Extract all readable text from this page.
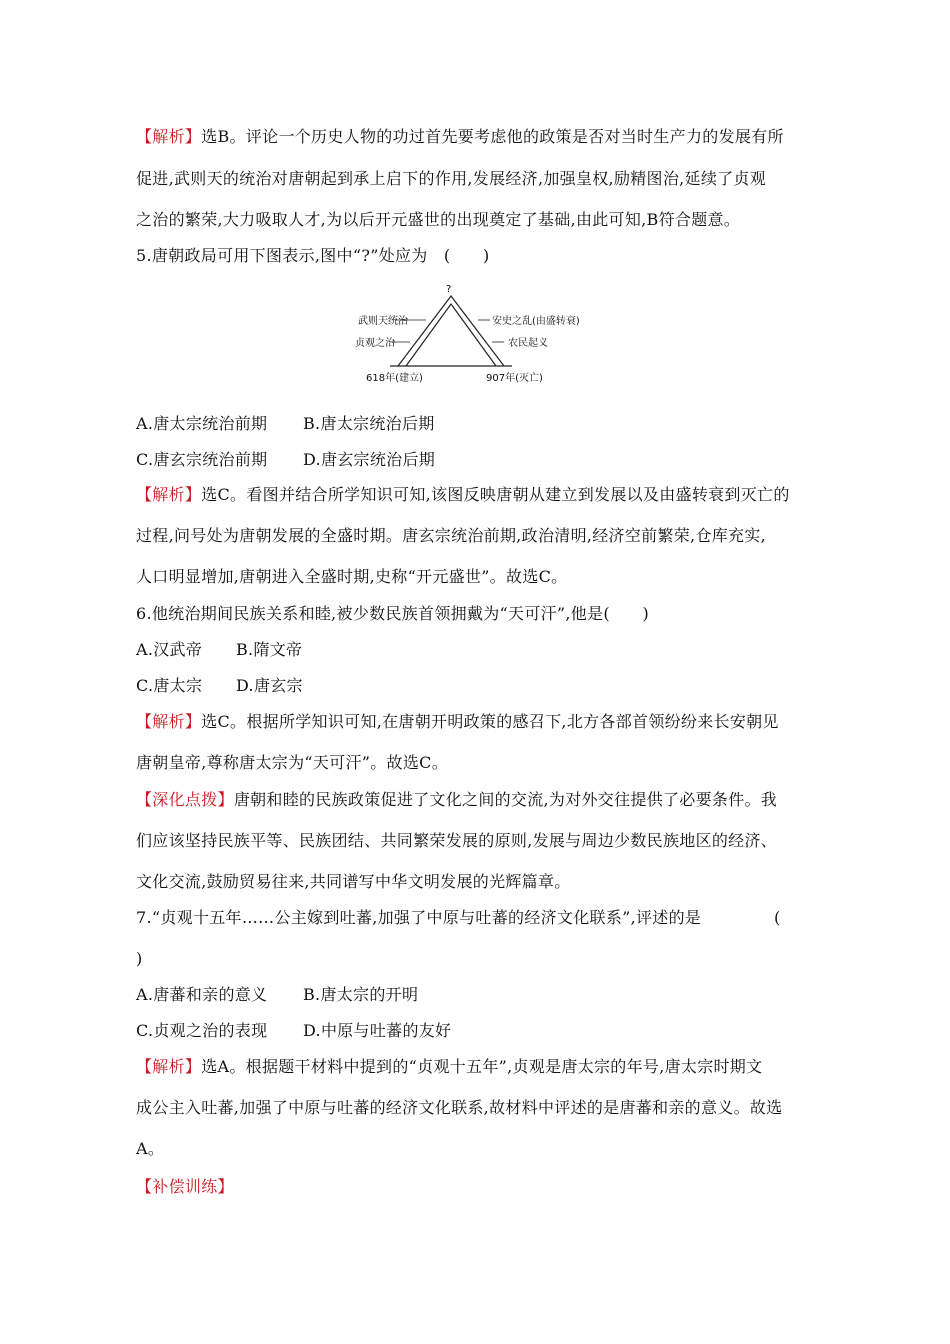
【解析】选B。评论一个历史人物的功过首先要考虑他的政策是否对当时生产力的发展有所
促进,武则天的统治对唐朝起到承上启下的作用,发展经济,加强皇权,励精图治,延续了贞观
之治的繁荣,大力吸取人才,为以后开元盛世的出现奠定了基础,由此可知,B符合题意。
5.唐朝政局可用下图表示,图中“?”处应为　(　　)
?
武则天统治
贞观之治
安史之乱(由盛转衰)
农民起义
618年(建立)	907年(灭亡)
A.唐太宗统治前期 B.唐太宗统治后期
C.唐玄宗统治前期 D.唐玄宗统治后期
【解析】选C。看图并结合所学知识可知,该图反映唐朝从建立到发展以及由盛转衰到灭亡的
过程,问号处为唐朝发展的全盛时期。唐玄宗统治前期,政治清明,经济空前繁荣,仓库充实,
人口明显增加,唐朝进入全盛时期,史称“开元盛世”。故选C。
6.他统治期间民族关系和睦,被少数民族首领拥戴为“天可汗”,他是(　　)
A.汉武帝 B.隋文帝
C.唐太宗 D.唐玄宗
【解析】选C。根据所学知识可知,在唐朝开明政策的感召下,北方各部首领纷纷来长安朝见
唐朝皇帝,尊称唐太宗为“天可汗”。故选C。
【深化点拨】唐朝和睦的民族政策促进了文化之间的交流,为对外交往提供了必要条件。我
们应该坚持民族平等、民族团结、共同繁荣发展的原则,发展与周边少数民族地区的经济、
文化交流,鼓励贸易往来,共同谱写中华文明发展的光辉篇章。
7.“贞观十五年……公主嫁到吐蕃,加强了中原与吐蕃的经济文化联系”,评述的是	(
)
A.唐蕃和亲的意义 B.唐太宗的开明
C.贞观之治的表现 D.中原与吐蕃的友好
【解析】选A。根据题干材料中提到的“贞观十五年”,贞观是唐太宗的年号,唐太宗时期文
成公主入吐蕃,加强了中原与吐蕃的经济文化联系,故材料中评述的是唐蕃和亲的意义。故选
A。
【补偿训练】
